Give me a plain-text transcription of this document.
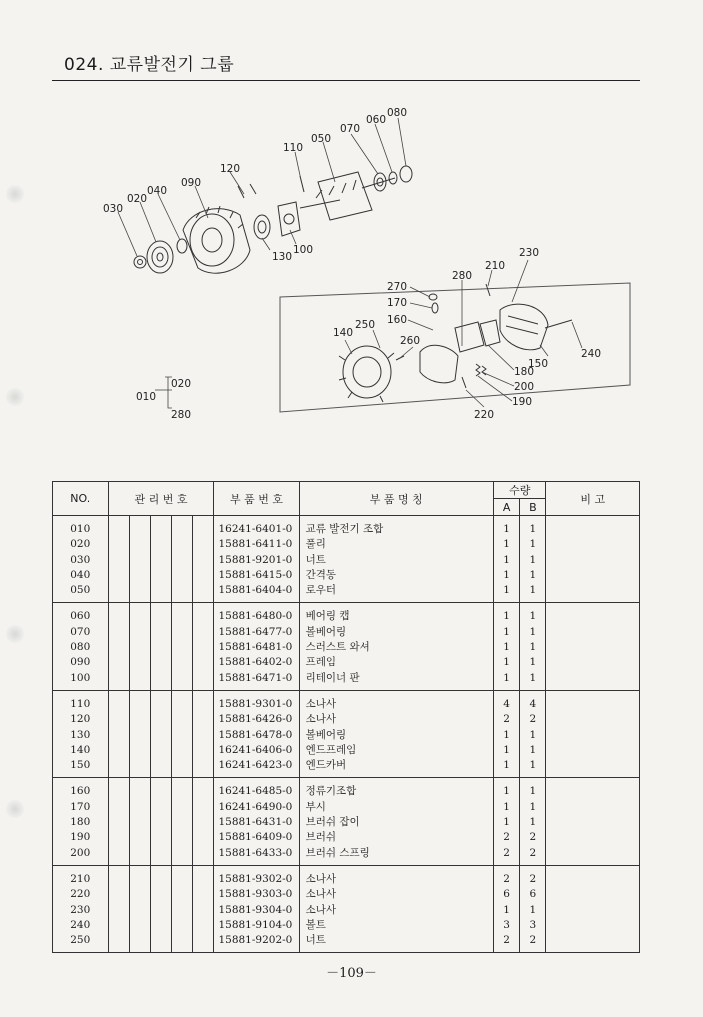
024. 교류발전기 그룹
030
020
040
090
120
130
100
110
050
070
060
080
140
250
260
160
170
270
280
210
230
150
240
180
200
190
220
010
020
280
NO.	관 리 번 호					부 품 번 호	부 품 명 칭	수량		비 고
								A	B	
010						16241-6401-0	교류 발전기 조합	1	1	
020						15881-6411-0	풀리	1	1	
030						15881-9201-0	너트	1	1	
040						15881-6415-0	간격동	1	1	
050						15881-6404-0	로우터	1	1	
060						15881-6480-0	베어링 캡	1	1	
070						15881-6477-0	볼베어링	1	1	
080						15881-6481-0	스러스트 와셔	1	1	
090						15881-6402-0	프레임	1	1	
100						15881-6471-0	리테이너 판	1	1	
110						15881-9301-0	소나사	4	4	
120						15881-6426-0	소나사	2	2	
130						15881-6478-0	볼베어링	1	1	
140						16241-6406-0	엔드프레임	1	1	
150						16241-6423-0	엔드카버	1	1	
160						16241-6485-0	정류기조합	1	1	
170						16241-6490-0	부시	1	1	
180						15881-6431-0	브러쉬 잡이	1	1	
190						15881-6409-0	브러쉬	2	2	
200						15881-6433-0	브러쉬 스프링	2	2	
210						15881-9302-0	소나사	2	2	
220						15881-9303-0	소나사	6	6	
230						15881-9304-0	소나사	1	1	
240						15881-9104-0	볼트	3	3	
250						15881-9202-0	너트	2	2	
－109－
